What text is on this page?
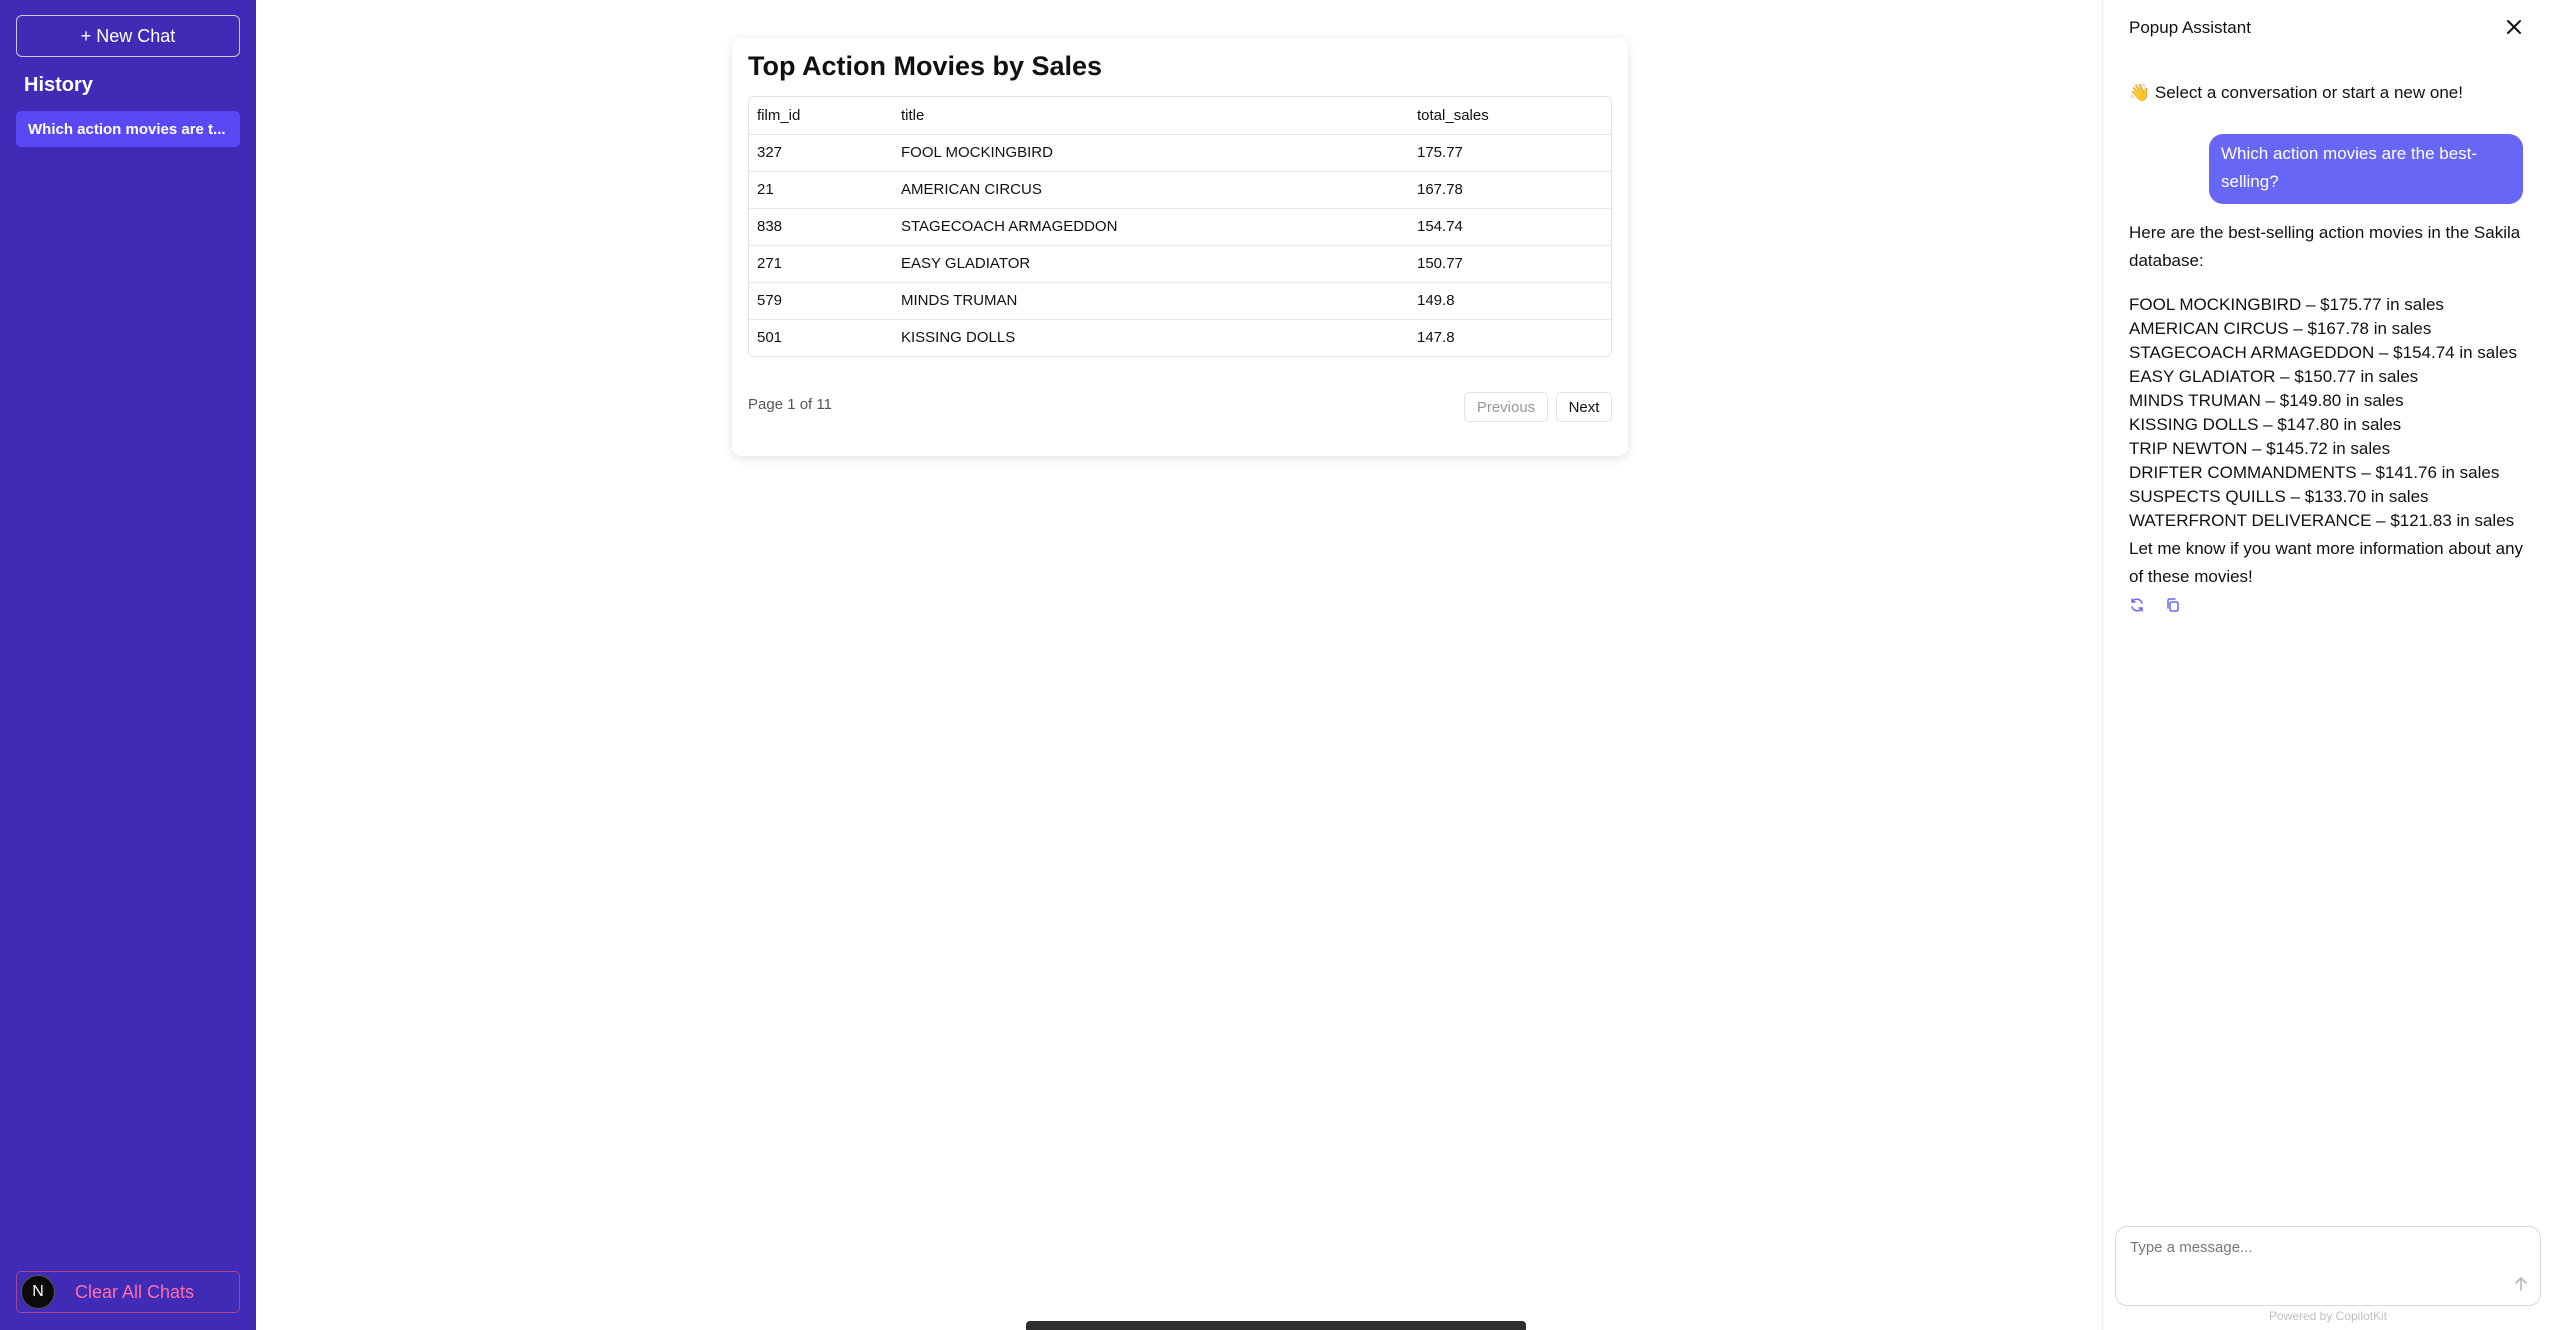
+ New Chat
History
Which action movies are t...
N	Clear All Chats
Top Action Movies by Sales
film_id	title	total_sales
327	FOOL MOCKINGBIRD	175.77
21	AMERICAN CIRCUS	167.78
838	STAGECOACH ARMAGEDDON	154.74
271	EASY GLADIATOR	150.77
579	MINDS TRUMAN	149.8
501	KISSING DOLLS	147.8
Page 1 of 11	Previous	Next
Popup Assistant
👋 Select a conversation or start a new one!
Which action movies are the best-selling?

Here are the best-selling action movies in the Sakila database:

FOOL MOCKINGBIRD – $175.77 in sales
AMERICAN CIRCUS – $167.78 in sales
STAGECOACH ARMAGEDDON – $154.74 in sales
EASY GLADIATOR – $150.77 in sales
MINDS TRUMAN – $149.80 in sales
KISSING DOLLS – $147.80 in sales
TRIP NEWTON – $145.72 in sales
DRIFTER COMMANDMENTS – $141.76 in sales
SUSPECTS QUILLS – $133.70 in sales
WATERFRONT DELIVERANCE – $121.83 in sales

Let me know if you want more information about any of these movies!

Type a message...
Powered by CopilotKit
